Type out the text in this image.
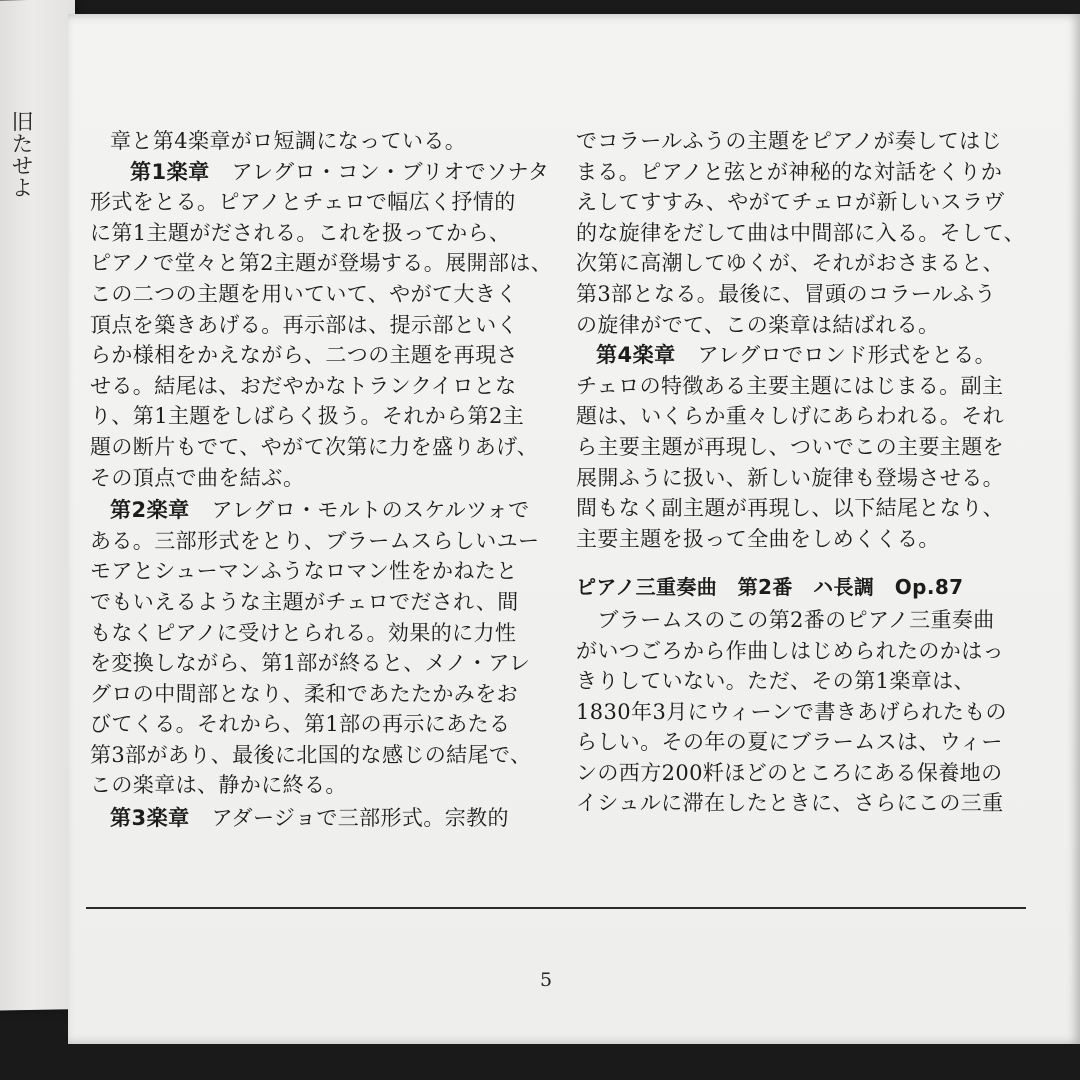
旧たせよ

章と第4楽章がロ短調になっている。

第1楽章 アレグロ・コン・ブリオでソナタ
形式をとる。ピアノとチェロで幅広く抒情的
に第1主題がだされる。これを扱ってから、
ピアノで堂々と第2主題が登場する。展開部は、
この二つの主題を用いていて、やがて大きく
頂点を築きあげる。再示部は、提示部といく
らか様相をかえながら、二つの主題を再現さ
せる。結尾は、おだやかなトランクイロとな
り、第1主題をしばらく扱う。それから第2主
題の断片もでて、やがて次第に力を盛りあげ、
その頂点で曲を結ぶ。

第2楽章 アレグロ・モルトのスケルツォで
ある。三部形式をとり、ブラームスらしいユー
モアとシューマンふうなロマン性をかねたと
でもいえるような主題がチェロでだされ、間
もなくピアノに受けとられる。効果的に力性
を変換しながら、第1部が終ると、メノ・アレ
グロの中間部となり、柔和であたたかみをお
びてくる。それから、第1部の再示にあたる
第3部があり、最後に北国的な感じの結尾で、
この楽章は、静かに終る。

第3楽章 アダージョで三部形式。宗教的

でコラールふうの主題をピアノが奏してはじ
まる。ピアノと弦とが神秘的な対話をくりか
えしてすすみ、やがてチェロが新しいスラヴ
的な旋律をだして曲は中間部に入る。そして、
次第に高潮してゆくが、それがおさまると、
第3部となる。最後に、冒頭のコラールふう
の旋律がでて、この楽章は結ばれる。

第4楽章 アレグロでロンド形式をとる。
チェロの特徴ある主要主題にはじまる。副主
題は、いくらか重々しげにあらわれる。それ
ら主要主題が再現し、ついでこの主要主題を
展開ふうに扱い、新しい旋律も登場させる。
間もなく副主題が再現し、以下結尾となり、
主要主題を扱って全曲をしめくくる。

ピアノ三重奏曲　第2番　ハ長調　Op.87

　ブラームスのこの第2番のピアノ三重奏曲
がいつごろから作曲しはじめられたのかはっ
きりしていない。ただ、その第1楽章は、
1830年3月にウィーンで書きあげられたもの
らしい。その年の夏にブラームスは、ウィー
ンの西方200粁ほどのところにある保養地の
イシュルに滞在したときに、さらにこの三重

5
